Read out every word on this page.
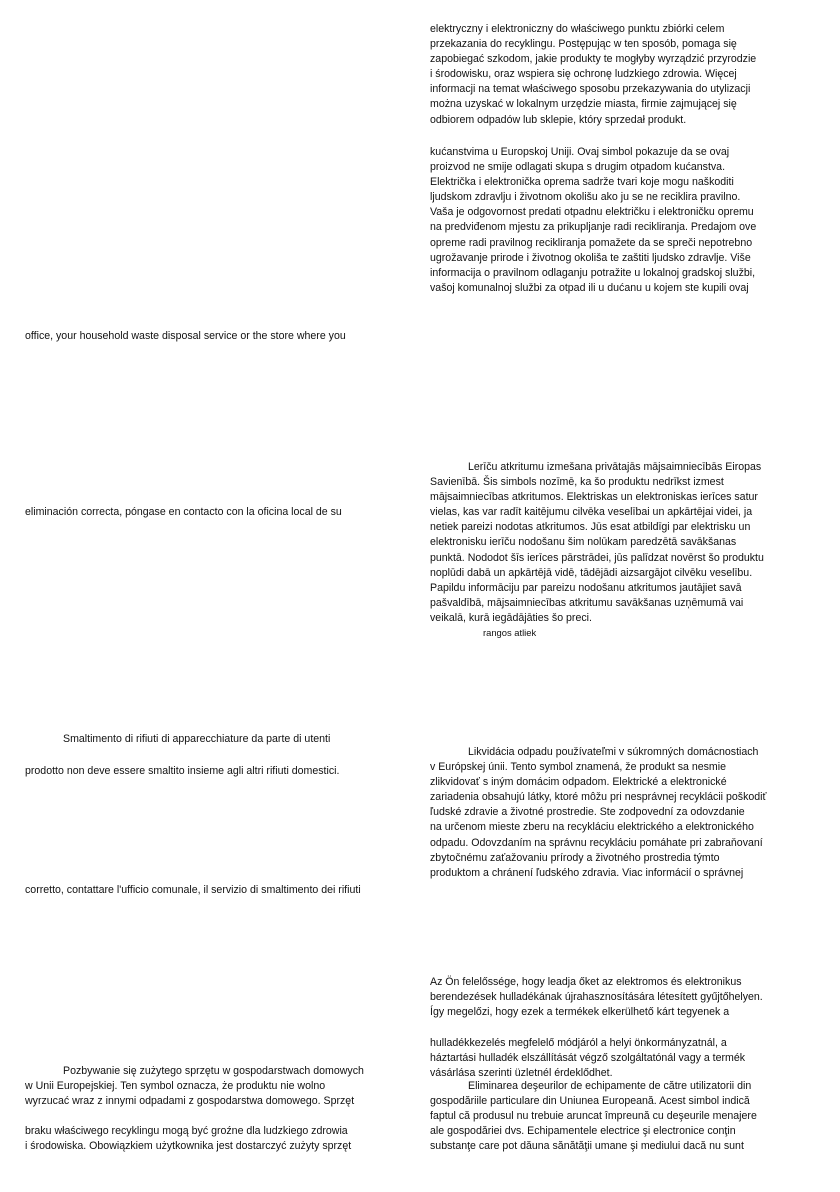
elektryczny i elektroniczny do właściwego punktu zbiórki celem
przekazania do recyklingu. Postępując w ten sposób, pomaga się
zapobiegać szkodom, jakie produkty te mogłyby wyrządzić przyrodzie
i środowisku, oraz wspiera się ochronę ludzkiego zdrowia. Więcej
informacji na temat właściwego sposobu przekazywania do utylizacji
można uzyskać w lokalnym urzędzie miasta, firmie zajmującej się
odbiorem odpadów lub sklepie, który sprzedał produkt.
kućanstvima u Europskoj Uniji. Ovaj simbol pokazuje da se ovaj
proizvod ne smije odlagati skupa s drugim otpadom kućanstva.
Električka i elektronička oprema sadrže tvari koje mogu naškoditi
ljudskom zdravlju i životnom okolišu ako ju se ne reciklira pravilno.
Vaša je odgovornost predati otpadnu električku i elektroničku opremu
na predviđenom mjestu za prikupljanje radi recikliranja. Predajom ove
opreme radi pravilnog recikliranja pomažete da se spreči nepotrebno
ugrožavanje prirode i životnog okoliša te zaštiti ljudsko zdravlje. Više
informacija o pravilnom odlaganju potražite u lokalnoj gradskoj službi,
vašoj komunalnoj službi za otpad ili u dućanu u kojem ste kupili ovaj
office, your household waste disposal service or the store where you
Lerīču atkritumu izmešana privātajās mājsaimniecībās Eiropas
Savienībā. Šis simbols nozīmē, ka šo produktu nedrīkst izmest
mājsaimniecības atkritumos. Elektriskas un elektroniskas ierīces satur
vielas, kas var radīt kaitējumu cilvēka veselībai un apkārtējai videi, ja
netiek pareizi nodotas atkritumos. Jūs esat atbildīgi par elektrisku un
elektronisku ierīču nodošanu šim nolūkam paredzētā savākšanas
punktā. Nododot šīs ierīces pārstrādei, jūs palīdzat novērst šo produktu
noplūdi dabā un apkārtējā vidē, tādējādi aizsargājot cilvēku veselību.
Papildu informāciju par pareizu nodošanu atkritumos jautājiet savā
pašvaldībā, mājsaimniecības atkritumu savākšanas uzņēmumā vai
veikalā, kurā iegādājāties šo preci.
rangos atliek
eliminación correcta, póngase en contacto con la oficina local de su
Smaltimento di rifiuti di apparecchiature da parte di utenti
prodotto non deve essere smaltito insieme agli altri rifiuti domestici.
Likvidácia odpadu používateľmi v súkromných domácnostiach
v Európskej únii. Tento symbol znamená, že produkt sa nesmie
zlikvidovať s iným domácim odpadom. Elektrické a elektronické
zariadenia obsahujú látky, ktoré môžu pri nesprávnej recyklácii poškodiť
ľudské zdravie a životné prostredie. Ste zodpovední za odovzdanie
na určenom mieste zberu na recykláciu elektrického a elektronického
odpadu. Odovzdaním na správnu recykláciu pomáhate pri zabraňovaní
zbytočnému zaťažovaniu prírody a životného prostredia týmto
produktom a chránení ľudského zdravia. Viac informácií o správnej
corretto, contattare l'ufficio comunale, il servizio di smaltimento dei rifiuti
Az Ön felelőssége, hogy leadja őket az elektromos és elektronikus
berendezések hulladékának újrahasznosítására létesített gyűjtőhelyen.
Így megelőzi, hogy ezek a termékek elkerülhető kárt tegyenek a
hulladékkezelés megfelelő módjáról a helyi önkormányzatnál, a
háztartási hulladék elszállítását végző szolgáltatónál vagy a termék
vásárlása szerinti üzletnél érdeklődhet.
Eliminarea deşeurilor de echipamente de către utilizatorii din
gospodăriile particulare din Uniunea Europeană. Acest simbol indică
faptul că produsul nu trebuie aruncat împreună cu deşeurile menajere
ale gospodăriei dvs. Echipamentele electrice şi electronice conţin
substanţe care pot dăuna sănătăţii umane şi mediului dacă nu sunt
Pozbywanie się zużytego sprzętu w gospodarstwach domowych
w Unii Europejskiej. Ten symbol oznacza, że produktu nie wolno
wyrzucać wraz z innymi odpadami z gospodarstwa domowego. Sprzęt
braku właściwego recyklingu mogą być groźne dla ludzkiego zdrowia
i środowiska. Obowiązkiem użytkownika jest dostarczyć zużyty sprzęt
